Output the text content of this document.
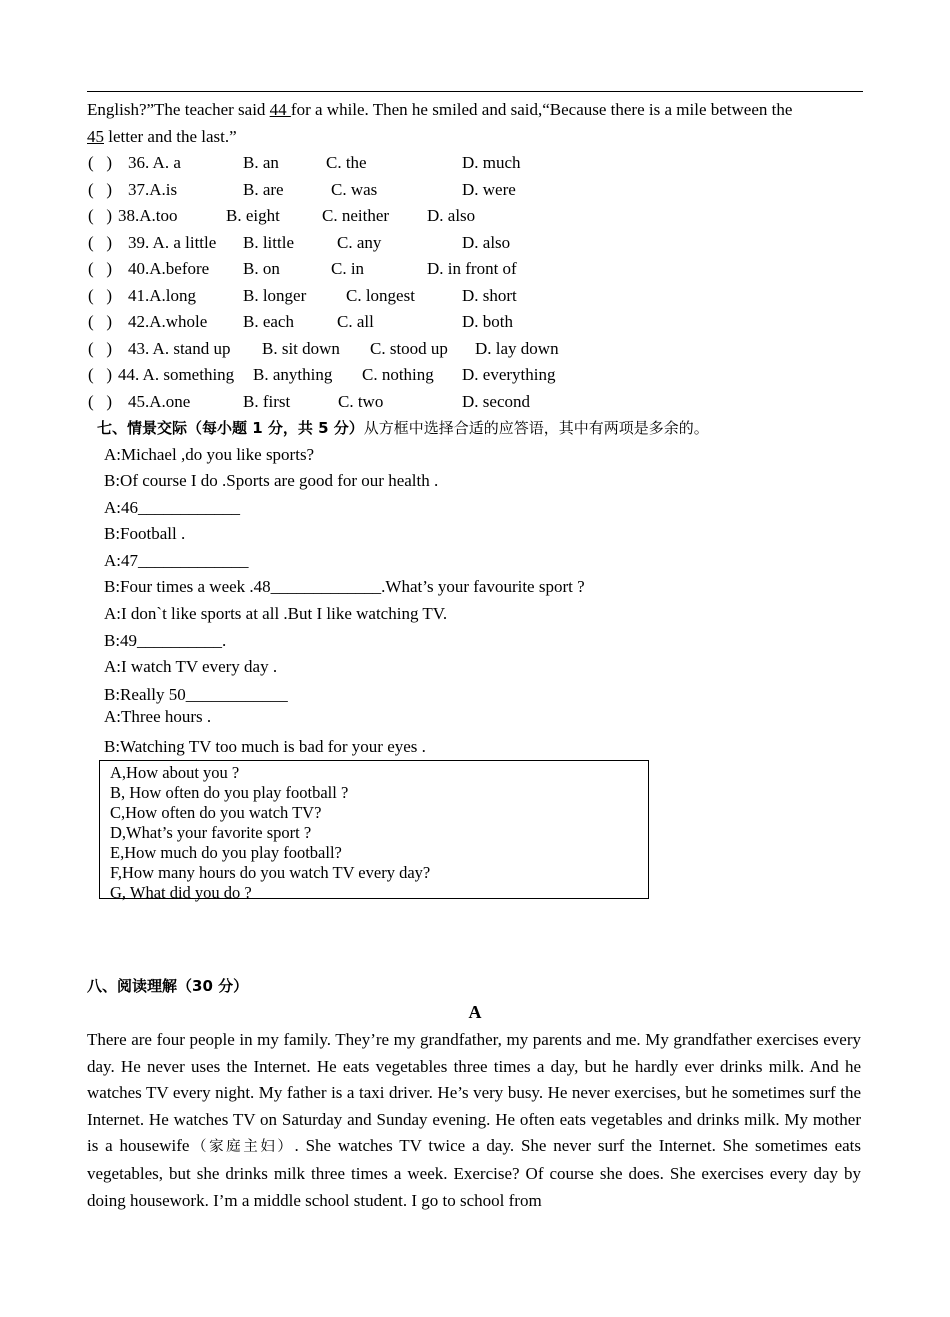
English?”The teacher said 44 for a while. Then he smiled and said,“Because there is a mile between the
45 letter and the last.”
(   ) 36. A. a	B. an	C. the	D. much
(   ) 37.A.is	B. are	C. was	D. were
(   ) 38.A.too	B. eight C. neither D. also
(   ) 39. A. a little B. little	C. any	D. also
(   ) 40.A.before B. on	C. in	D. in front of
(   ) 41.A.long	B. longer C. longest	D. short
(   ) 42.A.whole B. each	C. all	D. both
(   ) 43. A. stand up B. sit down C. stood up D. lay down
(   ) 44. A. something B. anything C. nothing D. everything
(   ) 45.A.one	B. first	C. two	D. second
七、情景交际（每小题 1 分，共 5 分）从方框中选择合适的应答语，其中有两项是多余的。
A:Michael ,do you like sports?
B:Of course I do .Sports are good for our health .
A:46____________
B:Football .
A:47_____________
B:Four times a week .48_____________.What’s your favourite sport ?
A:I don`t like sports at all .But I like watching TV.
B:49__________.
A:I watch TV every day .
B:Really 50____________
A:Three hours .
B:Watching TV too much is bad for your eyes .
A,How about you ?
B, How often do you play football ?
C,How often do you watch TV?
D,What’s your favorite sport ?
E,How much do you play football?
F,How many hours do you watch TV every day?
G, What did you do ?
八、阅读理解（30 分）
A
There are four people in my family. They’re my grandfather, my parents and me. My grandfather exercises every day. He never uses the Internet. He eats vegetables three times a day, but he hardly ever drinks milk. And he watches TV every night. My father is a taxi driver. He’s very busy. He never exercises, but he sometimes surf the Internet. He watches TV on Saturday and Sunday evening. He often eats vegetables and drinks milk. My mother is a housewife（家庭主妇）. She watches TV twice a day. She never surf the Internet. She sometimes eats vegetables, but she drinks milk three times a week. Exercise? Of course she does. She exercises every day by doing housework. I’m a middle school student. I go to school from
